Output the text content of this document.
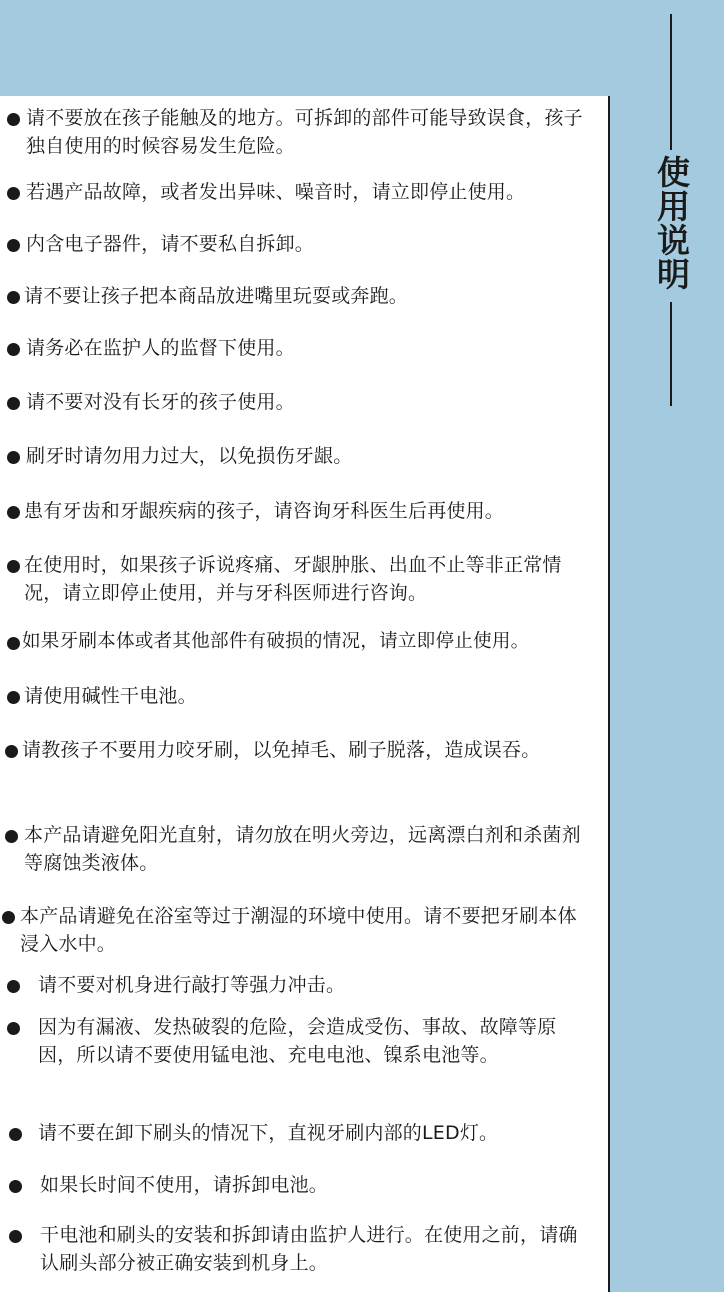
使用说明
请不要放在孩子能触及的地方。可拆卸的部件可能导致误食，孩子独自使用的时候容易发生危险。
若遇产品故障，或者发出异味、噪音时，请立即停止使用。
内含电子器件，请不要私自拆卸。
请不要让孩子把本商品放进嘴里玩耍或奔跑。
请务必在监护人的监督下使用。
请不要对没有长牙的孩子使用。
刷牙时请勿用力过大，以免损伤牙龈。
患有牙齿和牙龈疾病的孩子，请咨询牙科医生后再使用。
在使用时，如果孩子诉说疼痛、牙龈肿胀、出血不止等非正常情况，请立即停止使用，并与牙科医师进行咨询。
如果牙刷本体或者其他部件有破损的情况，请立即停止使用。
请使用碱性干电池。
请教孩子不要用力咬牙刷，以免掉毛、刷子脱落，造成误吞。
本产品请避免阳光直射，请勿放在明火旁边，远离漂白剂和杀菌剂等腐蚀类液体。
本产品请避免在浴室等过于潮湿的环境中使用。请不要把牙刷本体浸入水中。
请不要对机身进行敲打等强力冲击。
因为有漏液、发热破裂的危险，会造成受伤、事故、故障等原因，所以请不要使用锰电池、充电电池、镍系电池等。
请不要在卸下刷头的情况下，直视牙刷内部的LED灯。
如果长时间不使用，请拆卸电池。
干电池和刷头的安装和拆卸请由监护人进行。在使用之前，请确认刷头部分被正确安装到机身上。
